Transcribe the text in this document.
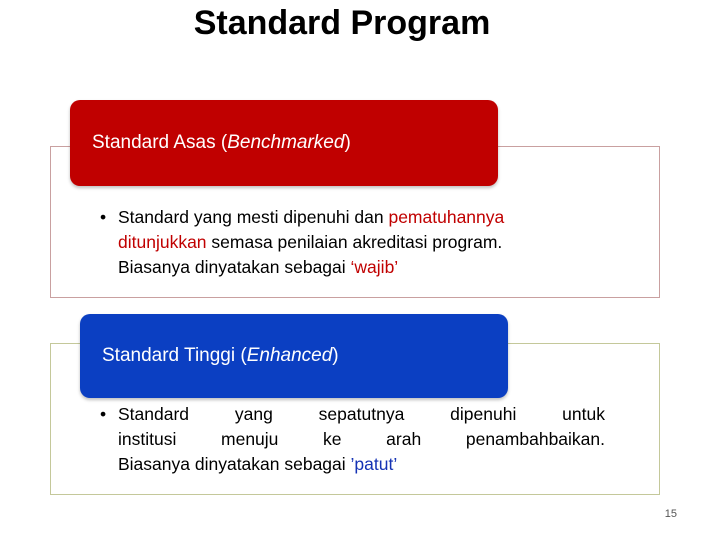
Standard Program
Standard Asas (Benchmarked)
• Standard yang mesti dipenuhi dan pematuhannya
ditunjukkan semasa penilaian akreditasi program.
Biasanya dinyatakan sebagai ‘wajib’
Standard Tinggi (Enhanced)
• Standard yang sepatutnya dipenuhi untuk
institusi menuju ke arah penambahbaikan.
Biasanya dinyatakan sebagai ’patut’
15
